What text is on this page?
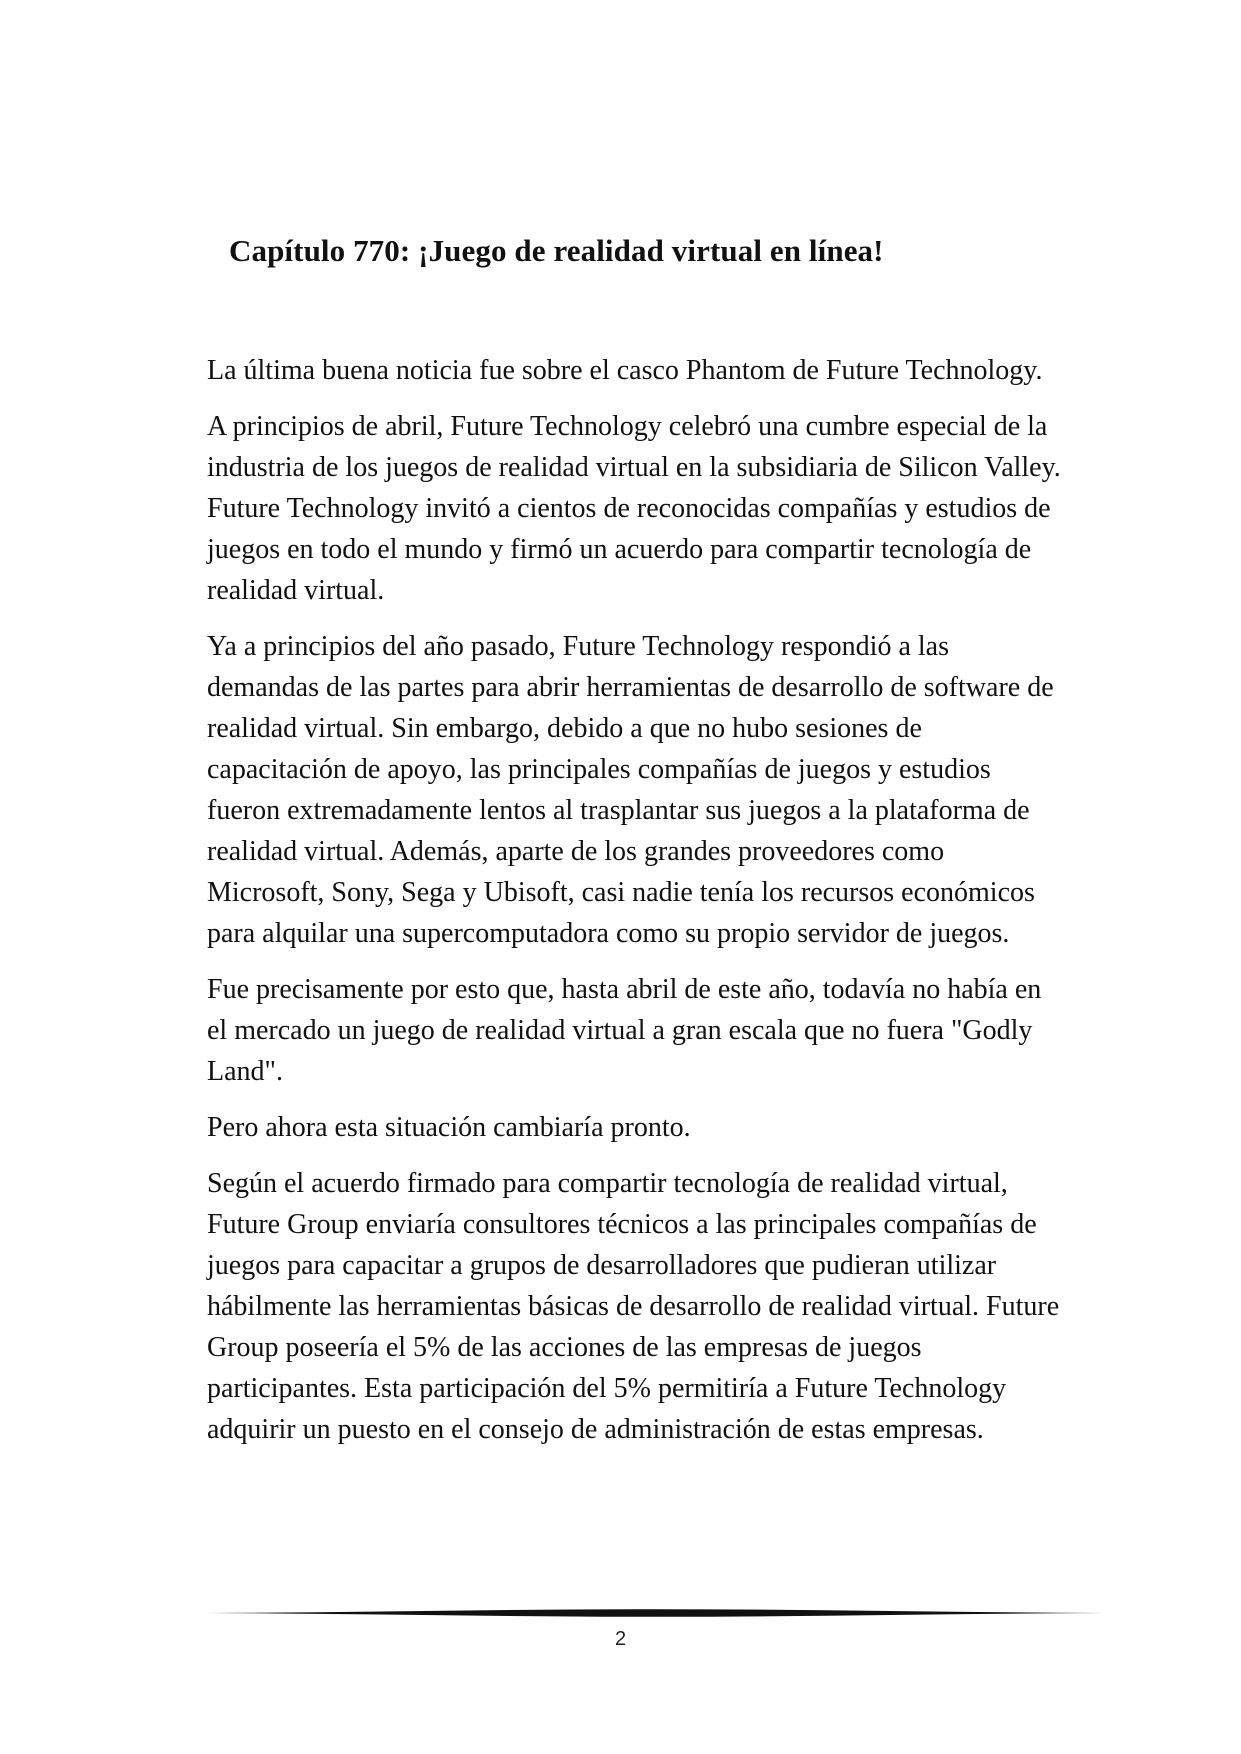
Capítulo 770: ¡Juego de realidad virtual en línea!

La última buena noticia fue sobre el casco Phantom de Future Technology.

A principios de abril, Future Technology celebró una cumbre especial de la industria de los juegos de realidad virtual en la subsidiaria de Silicon Valley. Future Technology invitó a cientos de reconocidas compañías y estudios de juegos en todo el mundo y firmó un acuerdo para compartir tecnología de realidad virtual.

Ya a principios del año pasado, Future Technology respondió a las demandas de las partes para abrir herramientas de desarrollo de software de realidad virtual. Sin embargo, debido a que no hubo sesiones de capacitación de apoyo, las principales compañías de juegos y estudios fueron extremadamente lentos al trasplantar sus juegos a la plataforma de realidad virtual. Además, aparte de los grandes proveedores como Microsoft, Sony, Sega y Ubisoft, casi nadie tenía los recursos económicos para alquilar una supercomputadora como su propio servidor de juegos.

Fue precisamente por esto que, hasta abril de este año, todavía no había en el mercado un juego de realidad virtual a gran escala que no fuera "Godly Land".

Pero ahora esta situación cambiaría pronto.

Según el acuerdo firmado para compartir tecnología de realidad virtual, Future Group enviaría consultores técnicos a las principales compañías de juegos para capacitar a grupos de desarrolladores que pudieran utilizar hábilmente las herramientas básicas de desarrollo de realidad virtual. Future Group poseería el 5% de las acciones de las empresas de juegos participantes. Esta participación del 5% permitiría a Future Technology adquirir un puesto en el consejo de administración de estas empresas.

2
